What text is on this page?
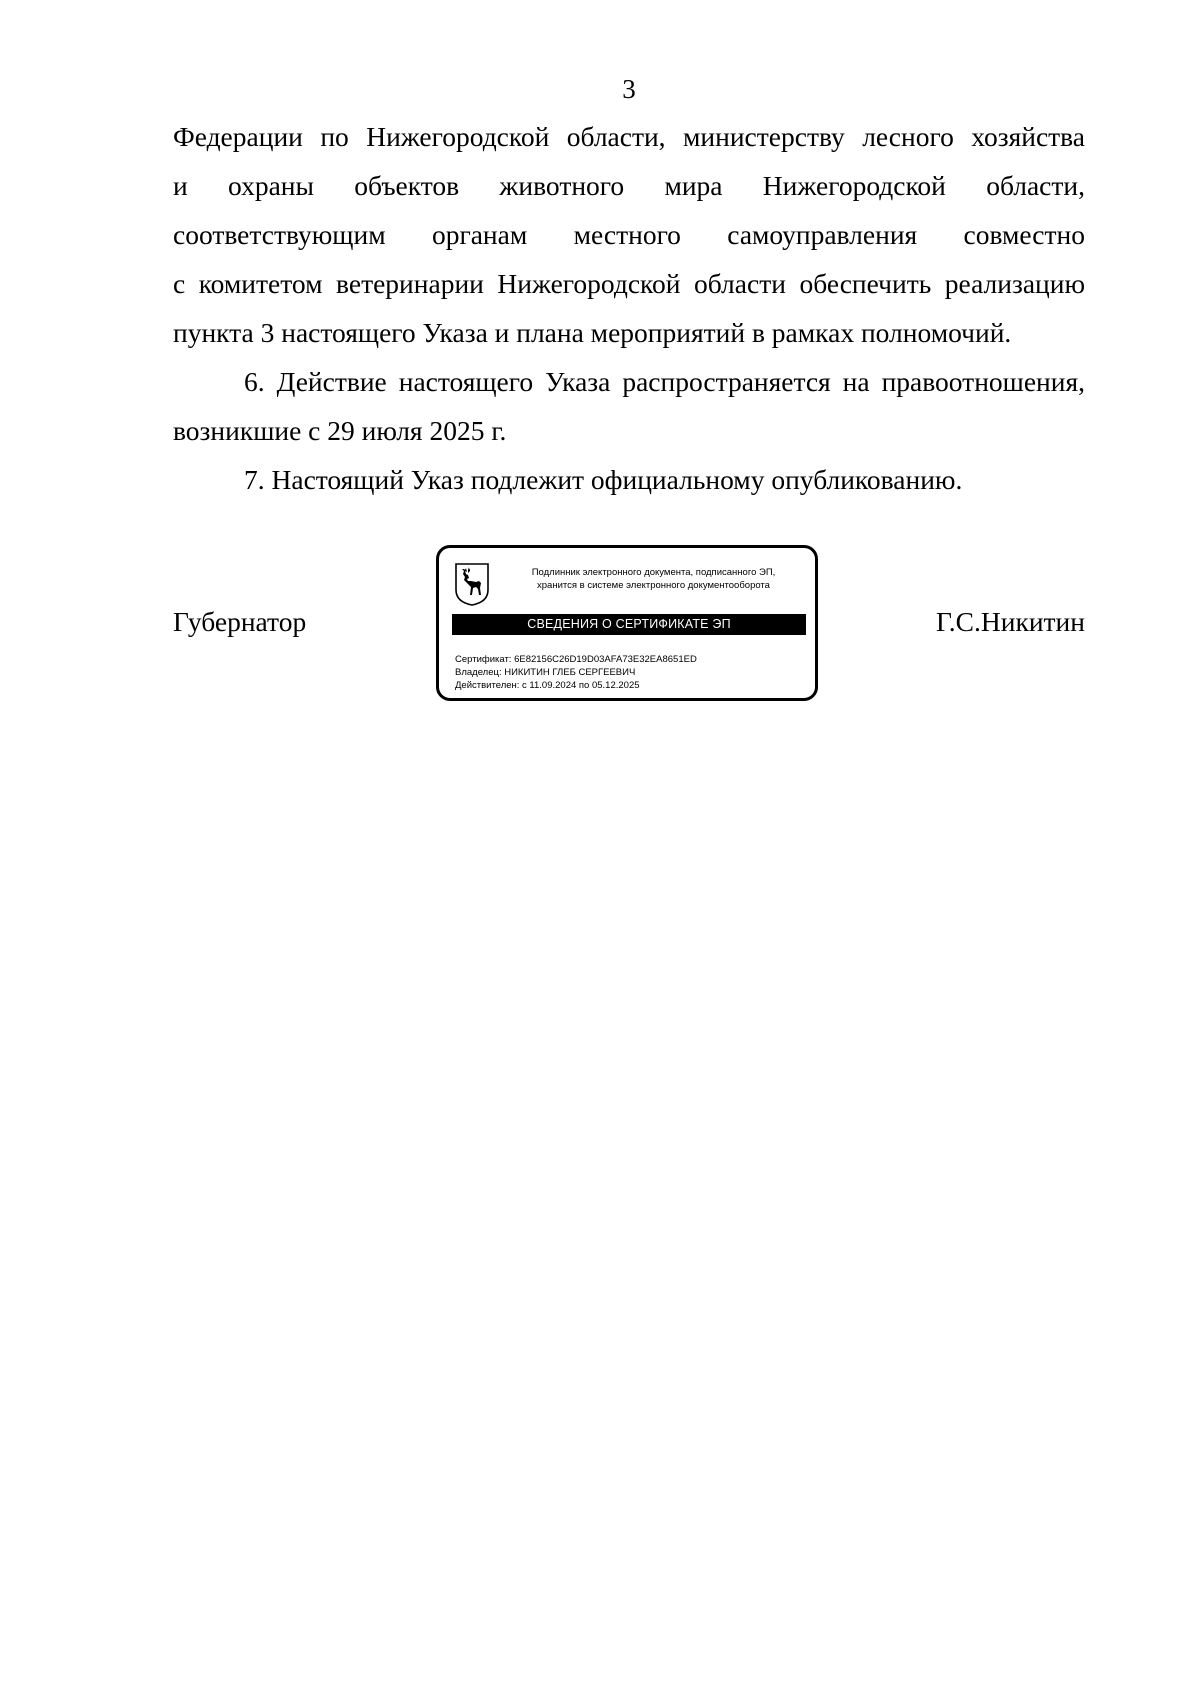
3

Федерации по Нижегородской области, министерству лесного хозяйства
и охраны объектов животного мира Нижегородской области,
соответствующим органам местного самоуправления совместно
с комитетом ветеринарии Нижегородской области обеспечить реализацию
пункта 3 настоящего Указа и плана мероприятий в рамках полномочий.

6. Действие настоящего Указа распространяется на правоотношения,
возникшие с 29 июля 2025 г.

7. Настоящий Указ подлежит официальному опубликованию.

Губернатор	Г.С.Никитин
Подлинник электронного документа, подписанного ЭП,
хранится в системе электронного документооборота
СВЕДЕНИЯ О СЕРТИФИКАТЕ ЭП
Сертификат: 6E82156C26D19D03AFA73E32EA8651ED
Владелец: НИКИТИН ГЛЕБ СЕРГЕЕВИЧ
Действителен: с 11.09.2024 по 05.12.2025
